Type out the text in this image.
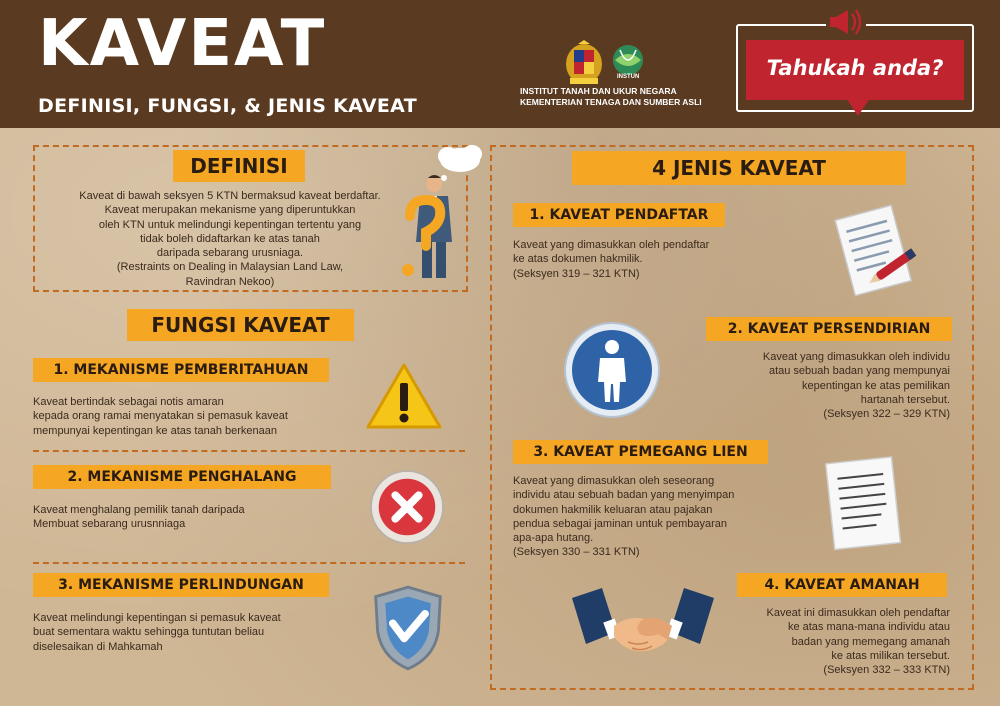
KAVEAT
DEFINISI, FUNGSI, & JENIS KAVEAT
INSTUN
INSTITUT TANAH DAN UKUR NEGARA
KEMENTERIAN TENAGA DAN SUMBER ASLI
Tahukah anda?
DEFINISI
Kaveat di bawah seksyen 5 KTN bermaksud kaveat berdaftar.
Kaveat merupakan mekanisme yang diperuntukkan
oleh KTN untuk melindungi kepentingan tertentu yang
tidak boleh didaftarkan ke atas tanah
daripada sebarang urusniaga.
(Restraints on Dealing in Malaysian Land Law,
Ravindran Nekoo)
FUNGSI KAVEAT
1. MEKANISME PEMBERITAHUAN
Kaveat bertindak sebagai notis amaran
kepada orang ramai menyatakan si pemasuk kaveat
mempunyai kepentingan ke atas tanah berkenaan
2. MEKANISME PENGHALANG
Kaveat menghalang pemilik tanah daripada
Membuat sebarang urusnniaga
3. MEKANISME PERLINDUNGAN
Kaveat melindungi kepentingan si pemasuk kaveat
buat sementara waktu sehingga tuntutan beliau
diselesaikan di Mahkamah
4 JENIS KAVEAT
1. KAVEAT PENDAFTAR
Kaveat yang dimasukkan oleh pendaftar
ke atas dokumen hakmilik.
(Seksyen 319 – 321 KTN)
2. KAVEAT PERSENDIRIAN
Kaveat yang dimasukkan oleh individu
atau sebuah badan yang mempunyai
kepentingan ke atas pemilikan
hartanah tersebut.
(Seksyen 322 – 329 KTN)
3. KAVEAT PEMEGANG LIEN
Kaveat yang dimasukkan oleh seseorang
individu atau sebuah badan yang menyimpan
dokumen hakmilik keluaran atau pajakan
pendua sebagai jaminan untuk pembayaran
apa-apa hutang.
(Seksyen 330 – 331 KTN)
4. KAVEAT AMANAH
Kaveat ini dimasukkan oleh pendaftar
ke atas mana-mana individu atau
badan yang memegang amanah
ke atas milikan tersebut.
(Seksyen 332 – 333 KTN)
